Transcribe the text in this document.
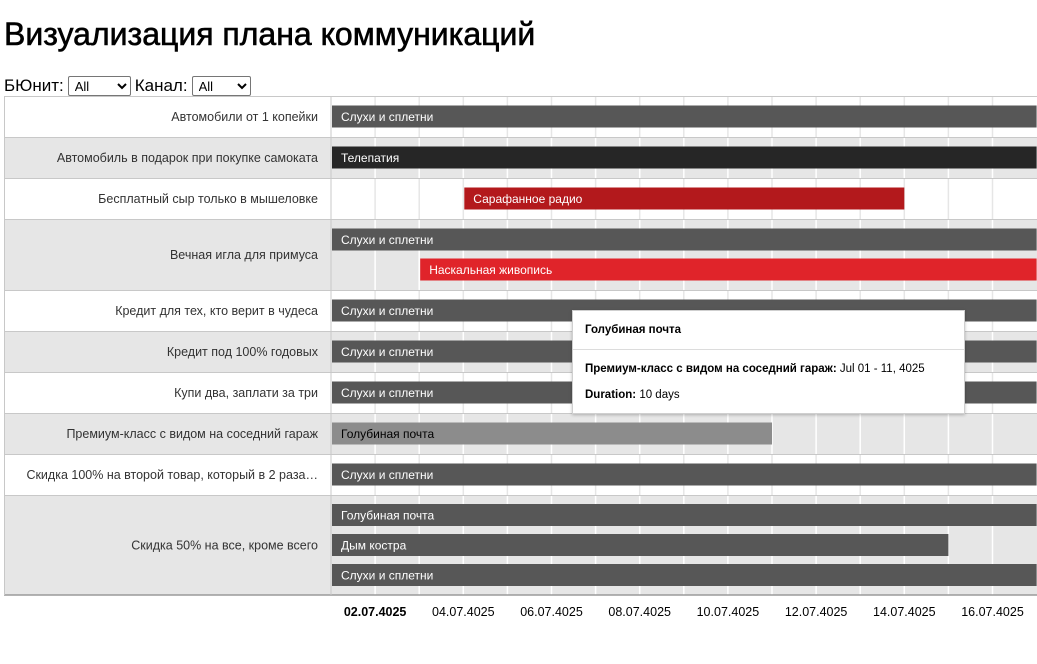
Визуализация плана коммуникаций
БЮнит:
All	Канал:
All
Автомобили от 1 копейки Слухи и сплетни
Автомобиль в подарок при покупке самоката Телепатия
Бесплатный сыр только в мышеловке	Сарафанное радио
Вечная игла для примуса
Слухи и сплетни
Наскальная живопись
Кредит для тех, кто верит в чудеса Слухи и сплетни
Кредит под 100% годовых Слухи и сплетни
Купи два, заплати за три Слухи и сплетни
Премиум-класс с видом на соседний гараж Голубиная почта
Скидка 100% на второй товар, который в 2 раза… Слухи и сплетни
Скидка 50% на все, кроме всего
Голубиная почта
Дым костра
Слухи и сплетни
02.07.4025 04.07.4025 06.07.4025 08.07.4025 10.07.4025 12.07.4025 14.07.4025 16.07.4025
Голубиная почта
Премиум-класс с видом на соседний гараж: Jul 01 - 11, 4025
Duration: 10 days
